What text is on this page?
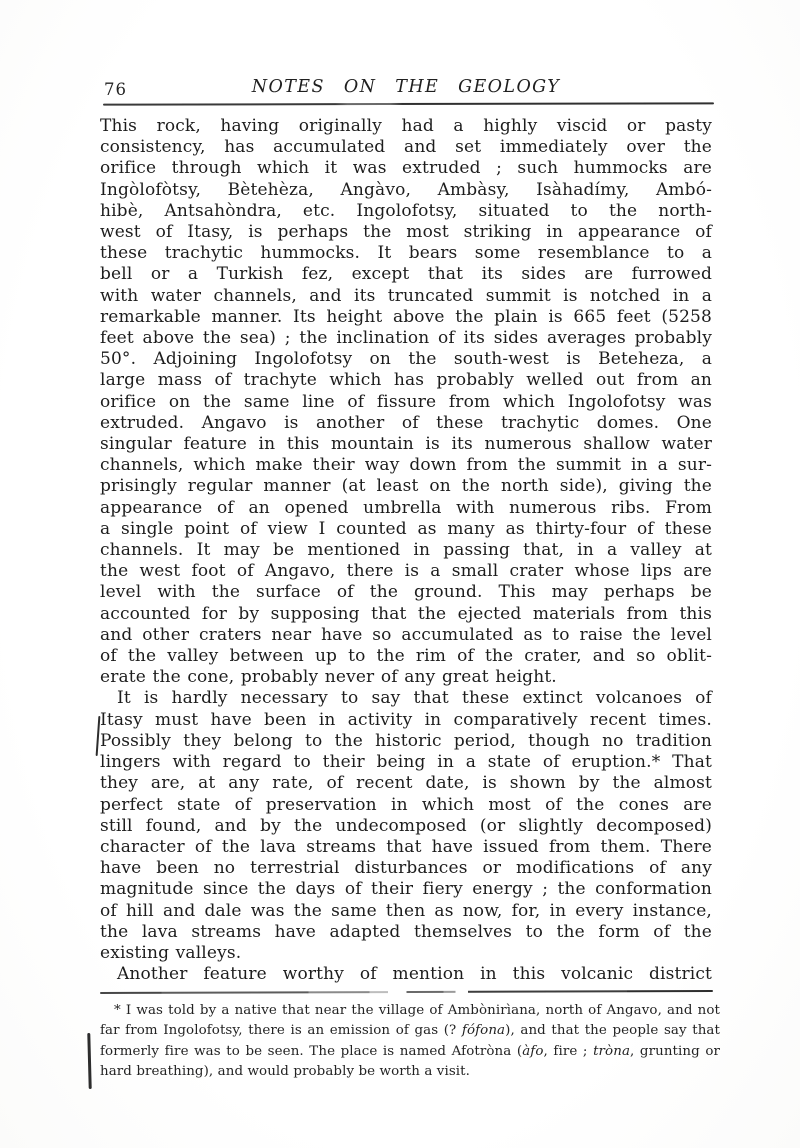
76	NOTES ON THE GEOLOGY
This rock, having originally had a highly viscid or pasty
consistency, has accumulated and set immediately over the
orifice through which it was extruded ; such hummocks are
Ingòlofòtsy, Bètehèza, Angàvo, Ambàsy, Isàhadímy, Ambó-
hibè, Antsahòndra, etc. Ingolofotsy, situated to the north-
west of Itasy, is perhaps the most striking in appearance of
these trachytic hummocks. It bears some resemblance to a
bell or a Turkish fez, except that its sides are furrowed
with water channels, and its truncated summit is notched in a
remarkable manner. Its height above the plain is 665 feet (5258
feet above the sea) ; the inclination of its sides averages probably
50°. Adjoining Ingolofotsy on the south-west is Beteheza, a
large mass of trachyte which has probably welled out from an
orifice on the same line of fissure from which Ingolofotsy was
extruded. Angavo is another of these trachytic domes. One
singular feature in this mountain is its numerous shallow water
channels, which make their way down from the summit in a sur-
prisingly regular manner (at least on the north side), giving the
appearance of an opened umbrella with numerous ribs. From
a single point of view I counted as many as thirty-four of these
channels. It may be mentioned in passing that, in a valley at
the west foot of Angavo, there is a small crater whose lips are
level with the surface of the ground. This may perhaps be
accounted for by supposing that the ejected materials from this
and other craters near have so accumulated as to raise the level
of the valley between up to the rim of the crater, and so oblit-
erate the cone, probably never of any great height.
It is hardly necessary to say that these extinct volcanoes of
Itasy must have been in activity in comparatively recent times.
Possibly they belong to the historic period, though no tradition
lingers with regard to their being in a state of eruption.* That
they are, at any rate, of recent date, is shown by the almost
perfect state of preservation in which most of the cones are
still found, and by the undecomposed (or slightly decomposed)
character of the lava streams that have issued from them. There
have been no terrestrial disturbances or modifications of any
magnitude since the days of their fiery energy ; the conformation
of hill and dale was the same then as now, for, in every instance,
the lava streams have adapted themselves to the form of the
existing valleys.
Another feature worthy of mention in this volcanic district
* I was told by a native that near the village of Ambònirìana, north of Angavo, and not
far from Ingolofotsy, there is an emission of gas (? fófona), and that the people say that
formerly fire was to be seen. The place is named Afotròna (àfo, fire ; tròna, grunting or
hard breathing), and would probably be worth a visit.
